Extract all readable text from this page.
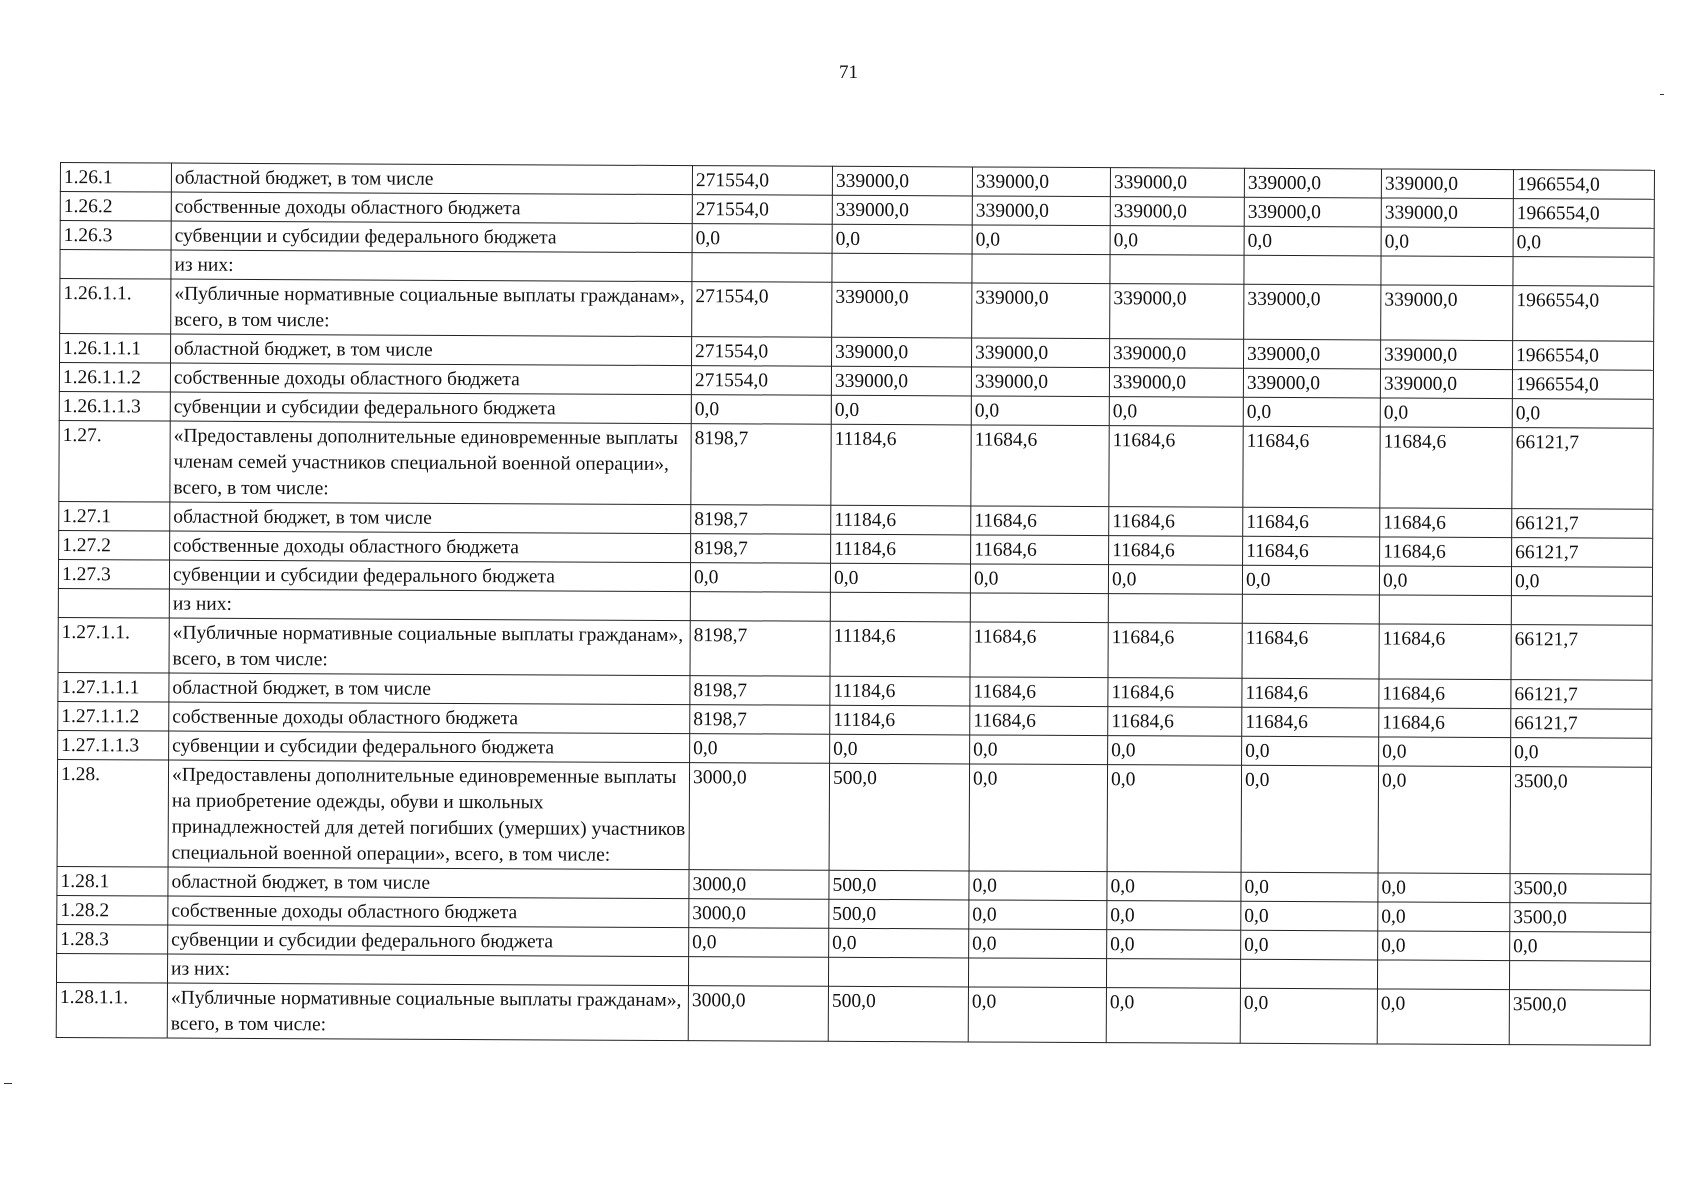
71
1.26.1	областной бюджет, в том числе	271554,0	339000,0	339000,0	339000,0	339000,0	339000,0	1966554,0
1.26.2	собственные доходы областного бюджета	271554,0	339000,0	339000,0	339000,0	339000,0	339000,0	1966554,0
1.26.3	субвенции и субсидии федерального бюджета	0,0	0,0	0,0	0,0	0,0	0,0	0,0
	из них:							
1.26.1.1.	«Публичные нормативные социальные выплаты гражданам», всего, в том числе:	271554,0	339000,0	339000,0	339000,0	339000,0	339000,0	1966554,0
1.26.1.1.1	областной бюджет, в том числе	271554,0	339000,0	339000,0	339000,0	339000,0	339000,0	1966554,0
1.26.1.1.2	собственные доходы областного бюджета	271554,0	339000,0	339000,0	339000,0	339000,0	339000,0	1966554,0
1.26.1.1.3	субвенции и субсидии федерального бюджета	0,0	0,0	0,0	0,0	0,0	0,0	0,0
1.27.	«Предоставлены дополнительные единовременные выплаты членам семей участников специальной военной операции», всего, в том числе:	8198,7	11184,6	11684,6	11684,6	11684,6	11684,6	66121,7
1.27.1	областной бюджет, в том числе	8198,7	11184,6	11684,6	11684,6	11684,6	11684,6	66121,7
1.27.2	собственные доходы областного бюджета	8198,7	11184,6	11684,6	11684,6	11684,6	11684,6	66121,7
1.27.3	субвенции и субсидии федерального бюджета	0,0	0,0	0,0	0,0	0,0	0,0	0,0
	из них:							
1.27.1.1.	«Публичные нормативные социальные выплаты гражданам», всего, в том числе:	8198,7	11184,6	11684,6	11684,6	11684,6	11684,6	66121,7
1.27.1.1.1	областной бюджет, в том числе	8198,7	11184,6	11684,6	11684,6	11684,6	11684,6	66121,7
1.27.1.1.2	собственные доходы областного бюджета	8198,7	11184,6	11684,6	11684,6	11684,6	11684,6	66121,7
1.27.1.1.3	субвенции и субсидии федерального бюджета	0,0	0,0	0,0	0,0	0,0	0,0	0,0
1.28.	«Предоставлены дополнительные единовременные выплаты на приобретение одежды, обуви и школьных принадлежностей для детей погибших (умерших) участников специальной военной операции», всего, в том числе:	3000,0	500,0	0,0	0,0	0,0	0,0	3500,0
1.28.1	областной бюджет, в том числе	3000,0	500,0	0,0	0,0	0,0	0,0	3500,0
1.28.2	собственные доходы областного бюджета	3000,0	500,0	0,0	0,0	0,0	0,0	3500,0
1.28.3	субвенции и субсидии федерального бюджета	0,0	0,0	0,0	0,0	0,0	0,0	0,0
	из них:							
1.28.1.1.	«Публичные нормативные социальные выплаты гражданам», всего, в том числе:	3000,0	500,0	0,0	0,0	0,0	0,0	3500,0
